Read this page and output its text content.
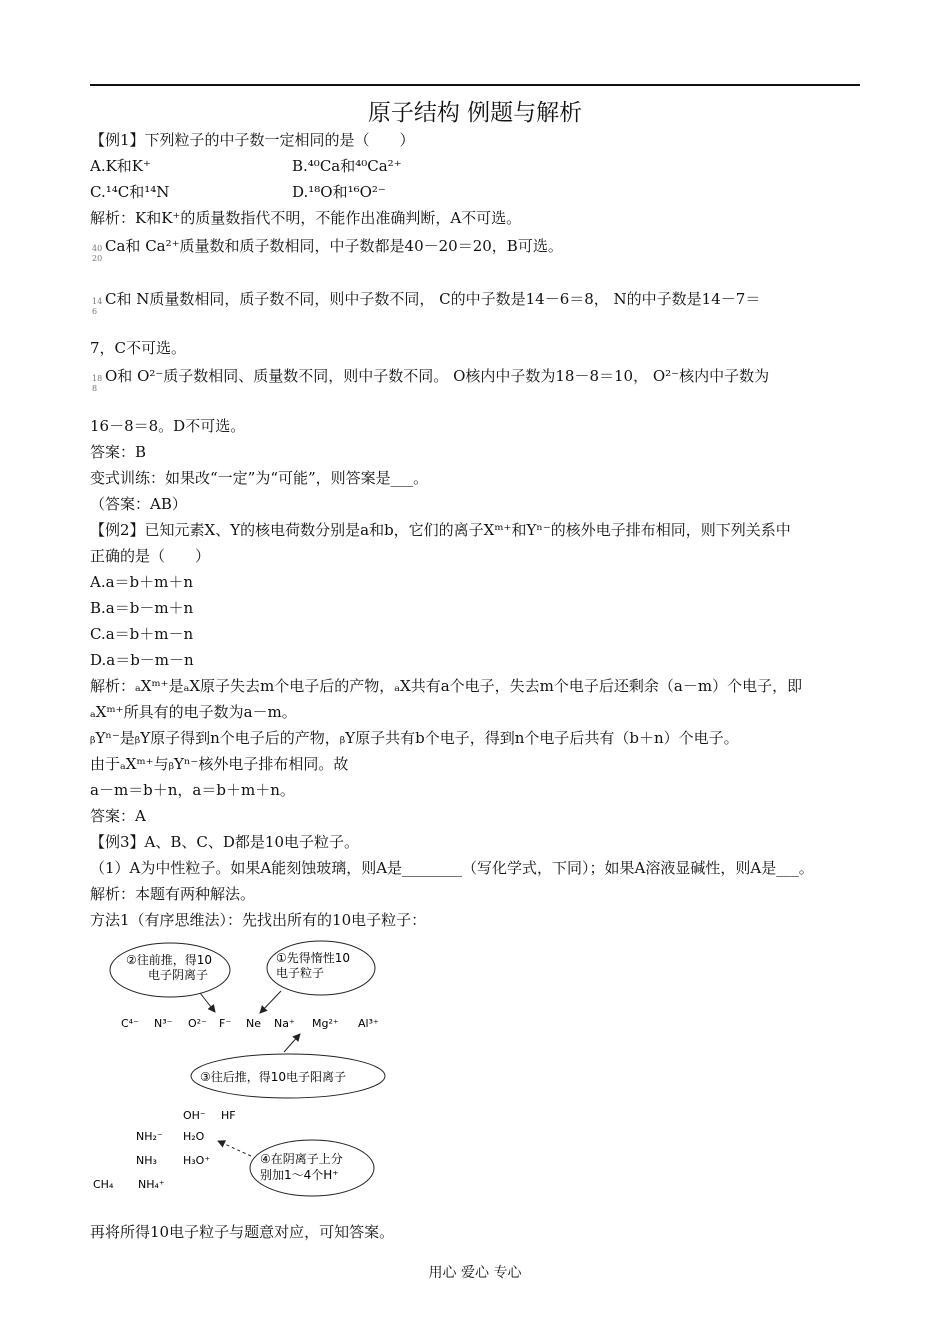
原子结构 例题与解析
【例1】下列粒子的中子数一定相同的是（　　）
A.K和K⁺	B.⁴⁰Ca和⁴⁰Ca²⁺
C.¹⁴C和¹⁴N	D.¹⁸O和¹⁶O²⁻
解析：K和K⁺的质量数指代不明，不能作出准确判断，A不可选。
40
20
Ca和 Ca²⁺质量数和质子数相同，中子数都是40－20＝20，B可选。
14
6
C和 N质量数相同，质子数不同，则中子数不同， C的中子数是14－6＝8， N的中子数是14－7＝
7，C不可选。
18
8
O和 O²⁻质子数相同、质量数不同，则中子数不同。 O核内中子数为18－8＝10， O²⁻核内中子数为
16－8＝8。D不可选。
答案：B
变式训练：如果改“一定”为“可能”，则答案是___。
（答案：AB）
【例2】已知元素X、Y的核电荷数分别是a和b，它们的离子Xᵐ⁺和Yⁿ⁻的核外电子排布相同，则下列关系中
正确的是（　　）
A.a＝b＋m＋n
B.a＝b－m＋n
C.a＝b＋m－n
D.a＝b－m－n
解析：ₐXᵐ⁺是ₐX原子失去m个电子后的产物，ₐX共有a个电子，失去m个电子后还剩余（a－m）个电子，即
ₐXᵐ⁺所具有的电子数为a－m。
ᵦYⁿ⁻是ᵦY原子得到n个电子后的产物，ᵦY原子共有b个电子，得到n个电子后共有（b＋n）个电子。
由于ₐXᵐ⁺与ᵦYⁿ⁻核外电子排布相同。故
a－m＝b＋n，a＝b＋m＋n。
答案：A
【例3】A、B、C、D都是10电子粒子。
（1）A为中性粒子。如果A能刻蚀玻璃，则A是________（写化学式，下同）；如果A溶液显碱性，则A是___。
解析：本题有两种解法。
方法1（有序思维法）：先找出所有的10电子粒子：
②往前推，得10
电子阴离子
①先得惰性10
电子粒子
C⁴⁻ N³⁻ O²⁻ F⁻ Ne Na⁺ Mg²⁺ Al³⁺
③往后推，得10电子阳离子
OH⁻ HF
NH₂⁻ H₂O
NH₃ H₃O⁺
CH₄ NH₄⁺
④在阴离子上分
别加1～4个H⁺
再将所得10电子粒子与题意对应，可知答案。
用心 爱心 专心
